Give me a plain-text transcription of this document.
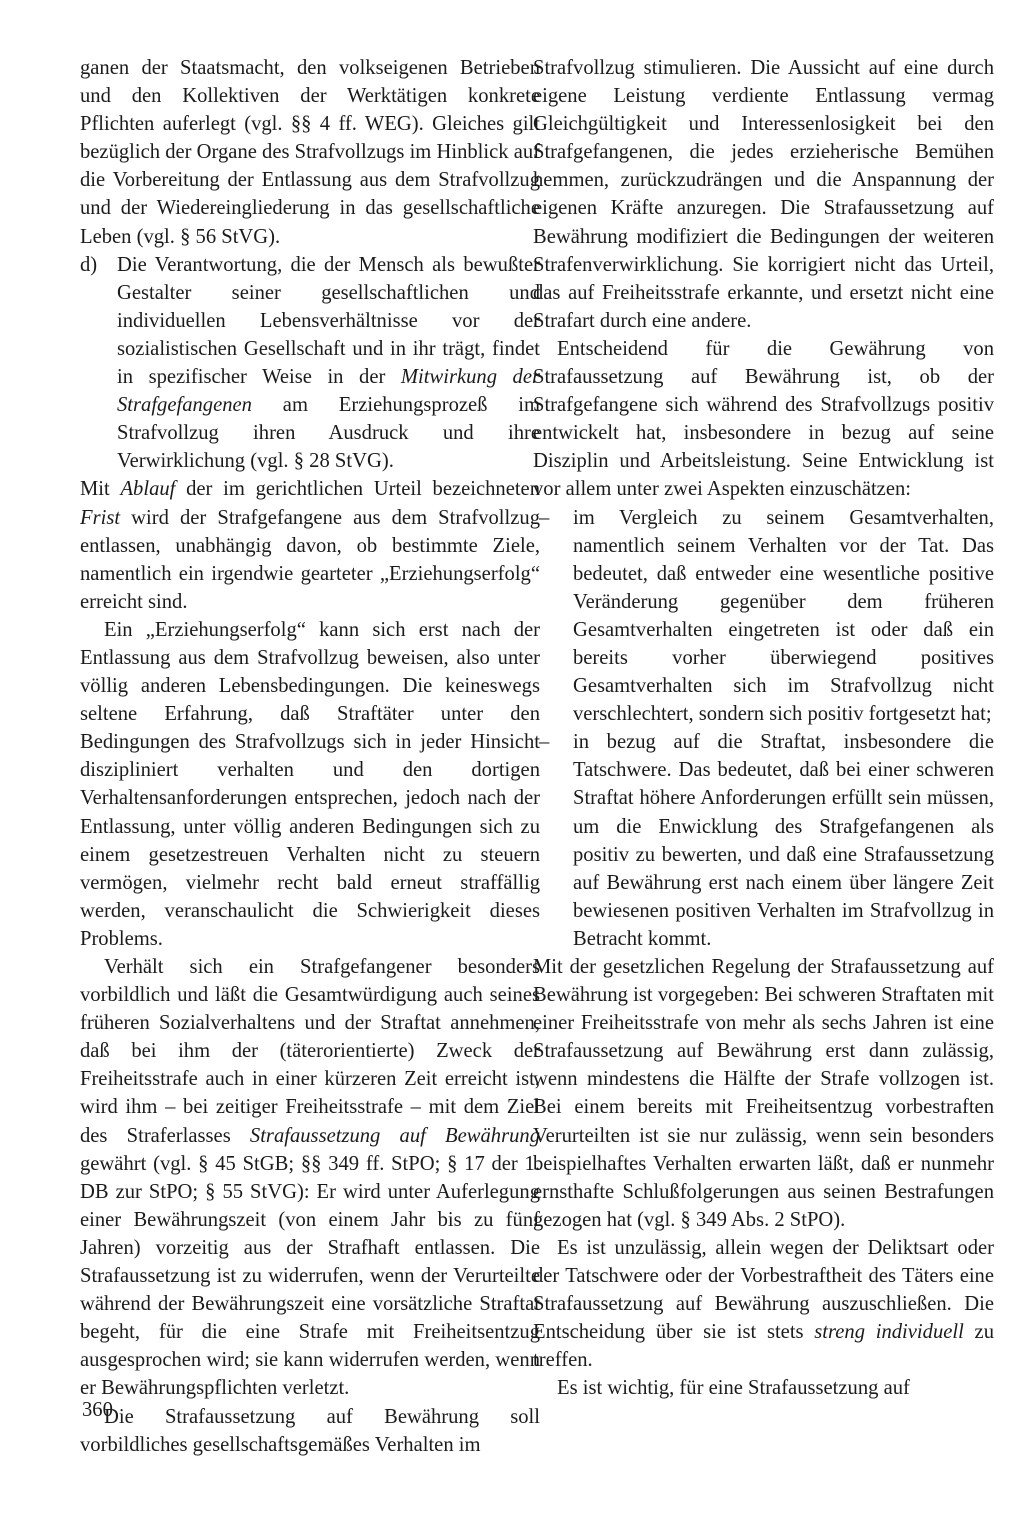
ganen der Staatsmacht, den volkseigenen Betrieben und den Kollektiven der Werktätigen konkrete Pflichten auferlegt (vgl. §§ 4 ff. WEG). Gleiches gilt bezüglich der Organe des Strafvollzugs im Hinblick auf die Vorbereitung der Entlassung aus dem Strafvollzug und der Wiedereingliederung in das gesellschaftliche Leben (vgl. § 56 StVG).

d) Die Verantwortung, die der Mensch als bewußter Gestalter seiner gesellschaftlichen und individuellen Lebensverhältnisse vor der sozialistischen Gesellschaft und in ihr trägt, findet in spezifischer Weise in der Mitwirkung der Strafgefangenen am Erziehungsprozeß im Strafvollzug ihren Ausdruck und ihre Verwirklichung (vgl. § 28 StVG).

Mit Ablauf der im gerichtlichen Urteil bezeichneten Frist wird der Strafgefangene aus dem Strafvollzug entlassen, unabhängig davon, ob bestimmte Ziele, namentlich ein irgendwie gearteter „Erziehungserfolg“ erreicht sind.

Ein „Erziehungserfolg“ kann sich erst nach der Entlassung aus dem Strafvollzug beweisen, also unter völlig anderen Lebensbedingungen. Die keineswegs seltene Erfahrung, daß Straftäter unter den Bedingungen des Strafvollzugs sich in jeder Hinsicht diszipliniert verhalten und den dortigen Verhaltensanforderungen entsprechen, jedoch nach der Entlassung, unter völlig anderen Bedingungen sich zu einem gesetzestreuen Verhalten nicht zu steuern vermögen, vielmehr recht bald erneut straffällig werden, veranschaulicht die Schwierigkeit dieses Problems.

Verhält sich ein Strafgefangener besonders vorbildlich und läßt die Gesamtwürdigung auch seines früheren Sozialverhaltens und der Straftat annehmen, daß bei ihm der (täterorientierte) Zweck der Freiheitsstrafe auch in einer kürzeren Zeit erreicht ist, wird ihm – bei zeitiger Freiheitsstrafe – mit dem Ziel des Straferlasses Strafaussetzung auf Bewährung gewährt (vgl. § 45 StGB; §§ 349 ff. StPO; § 17 der 1. DB zur StPO; § 55 StVG): Er wird unter Auferlegung einer Bewährungszeit (von einem Jahr bis zu fünf Jahren) vorzeitig aus der Strafhaft entlassen. Die Strafaussetzung ist zu widerrufen, wenn der Verurteilte während der Bewährungszeit eine vorsätzliche Straftat begeht, für die eine Strafe mit Freiheitsentzug ausgesprochen wird; sie kann widerrufen werden, wenn er Bewährungspflichten verletzt.

Die Strafaussetzung auf Bewährung soll vorbildliches gesellschaftsgemäßes Verhalten im

Strafvollzug stimulieren. Die Aussicht auf eine durch eigene Leistung verdiente Entlassung vermag Gleichgültigkeit und Interessenlosigkeit bei den Strafgefangenen, die jedes erzieherische Bemühen hemmen, zurückzudrängen und die Anspannung der eigenen Kräfte anzuregen. Die Strafaussetzung auf Bewährung modifiziert die Bedingungen der weiteren Strafenverwirklichung. Sie korrigiert nicht das Urteil, das auf Freiheitsstrafe erkannte, und ersetzt nicht eine Strafart durch eine andere.

Entscheidend für die Gewährung von Strafaussetzung auf Bewährung ist, ob der Strafgefangene sich während des Strafvollzugs positiv entwickelt hat, insbesondere in bezug auf seine Disziplin und Arbeitsleistung. Seine Entwicklung ist vor allem unter zwei Aspekten einzuschätzen:

– im Vergleich zu seinem Gesamtverhalten, namentlich seinem Verhalten vor der Tat. Das bedeutet, daß entweder eine wesentliche positive Veränderung gegenüber dem früheren Gesamtverhalten eingetreten ist oder daß ein bereits vorher überwiegend positives Gesamtverhalten sich im Strafvollzug nicht verschlechtert, sondern sich positiv fortgesetzt hat;
– in bezug auf die Straftat, insbesondere die Tatschwere. Das bedeutet, daß bei einer schweren Straftat höhere Anforderungen erfüllt sein müssen, um die Enwicklung des Strafgefangenen als positiv zu bewerten, und daß eine Strafaussetzung auf Bewährung erst nach einem über längere Zeit bewiesenen positiven Verhalten im Strafvollzug in Betracht kommt.

Mit der gesetzlichen Regelung der Strafaussetzung auf Bewährung ist vorgegeben: Bei schweren Straftaten mit einer Freiheitsstrafe von mehr als sechs Jahren ist eine Strafaussetzung auf Bewährung erst dann zulässig, wenn mindestens die Hälfte der Strafe vollzogen ist. Bei einem bereits mit Freiheitsentzug vorbestraften Verurteilten ist sie nur zulässig, wenn sein besonders beispielhaftes Verhalten erwarten läßt, daß er nunmehr ernsthafte Schlußfolgerungen aus seinen Bestrafungen gezogen hat (vgl. § 349 Abs. 2 StPO).

Es ist unzulässig, allein wegen der Deliktsart oder der Tatschwere oder der Vorbestraftheit des Täters eine Strafaussetzung auf Bewährung auszuschließen. Die Entscheidung über sie ist stets streng individuell zu treffen.

Es ist wichtig, für eine Strafaussetzung auf

360
